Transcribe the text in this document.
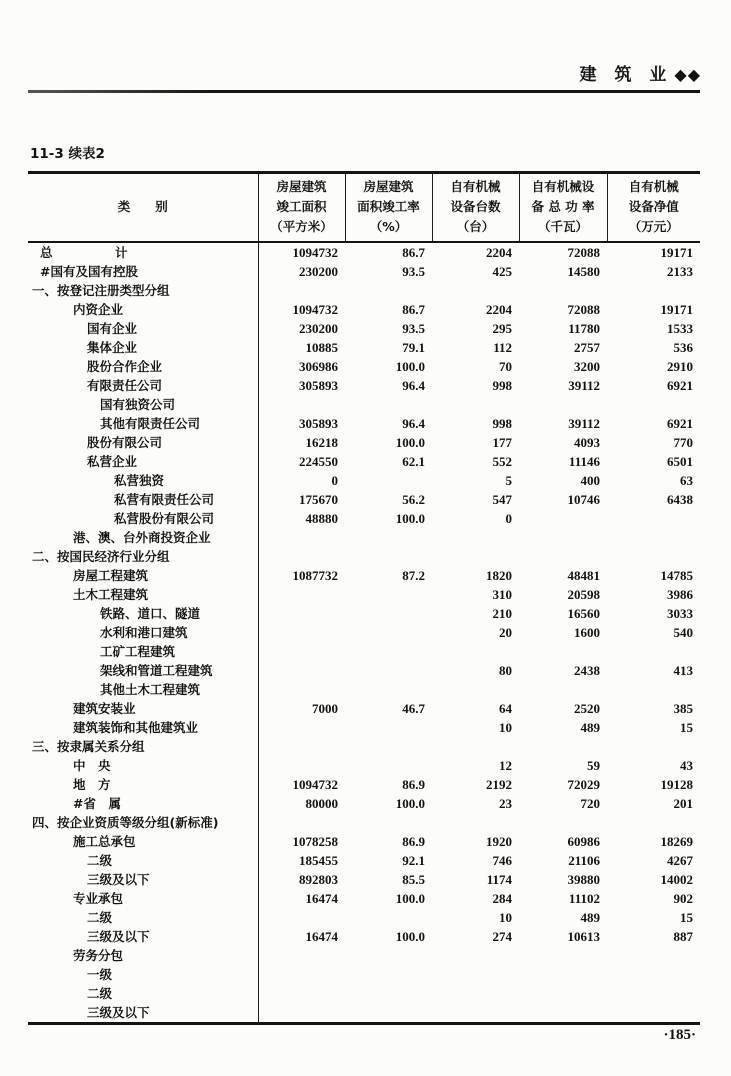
建 筑 业 ◆◆
11-3 续表2
类　　别

房屋建筑
竣工面积
（平方米）

房屋建筑
面积竣工率
（%）

自有机械
设备台数
（台）

自有机械设
备 总 功 率
（千瓦）

自有机械
设备净值
（万元）

总　　　　　计	1094732	86.7	2204	72088	19171
#国有及国有控股	230200	93.5	425	14580	2133
一、按登记注册类型分组					
内资企业	1094732	86.7	2204	72088	19171
国有企业	230200	93.5	295	11780	1533
集体企业	10885	79.1	112	2757	536
股份合作企业	306986	100.0	70	3200	2910
有限责任公司	305893	96.4	998	39112	6921
国有独资公司					
其他有限责任公司	305893	96.4	998	39112	6921
股份有限公司	16218	100.0	177	4093	770
私营企业	224550	62.1	552	11146	6501
私营独资	0		5	400	63
私营有限责任公司	175670	56.2	547	10746	6438
私营股份有限公司	48880	100.0	0		
港、澳、台外商投资企业					
二、按国民经济行业分组					
房屋工程建筑	1087732	87.2	1820	48481	14785
土木工程建筑			310	20598	3986
铁路、道口、隧道			210	16560	3033
水利和港口建筑			20	1600	540
工矿工程建筑					
架线和管道工程建筑			80	2438	413
其他土木工程建筑					
建筑安装业	7000	46.7	64	2520	385
建筑装饰和其他建筑业			10	489	15
三、按隶属关系分组					
中　央			12	59	43
地　方	1094732	86.9	2192	72029	19128
#省　属	80000	100.0	23	720	201
四、按企业资质等级分组(新标准)					
施工总承包	1078258	86.9	1920	60986	18269
二级	185455	92.1	746	21106	4267
三级及以下	892803	85.5	1174	39880	14002
专业承包	16474	100.0	284	11102	902
二级			10	489	15
三级及以下	16474	100.0	274	10613	887
劳务分包					
一级					
二级					
三级及以下					
·185·
